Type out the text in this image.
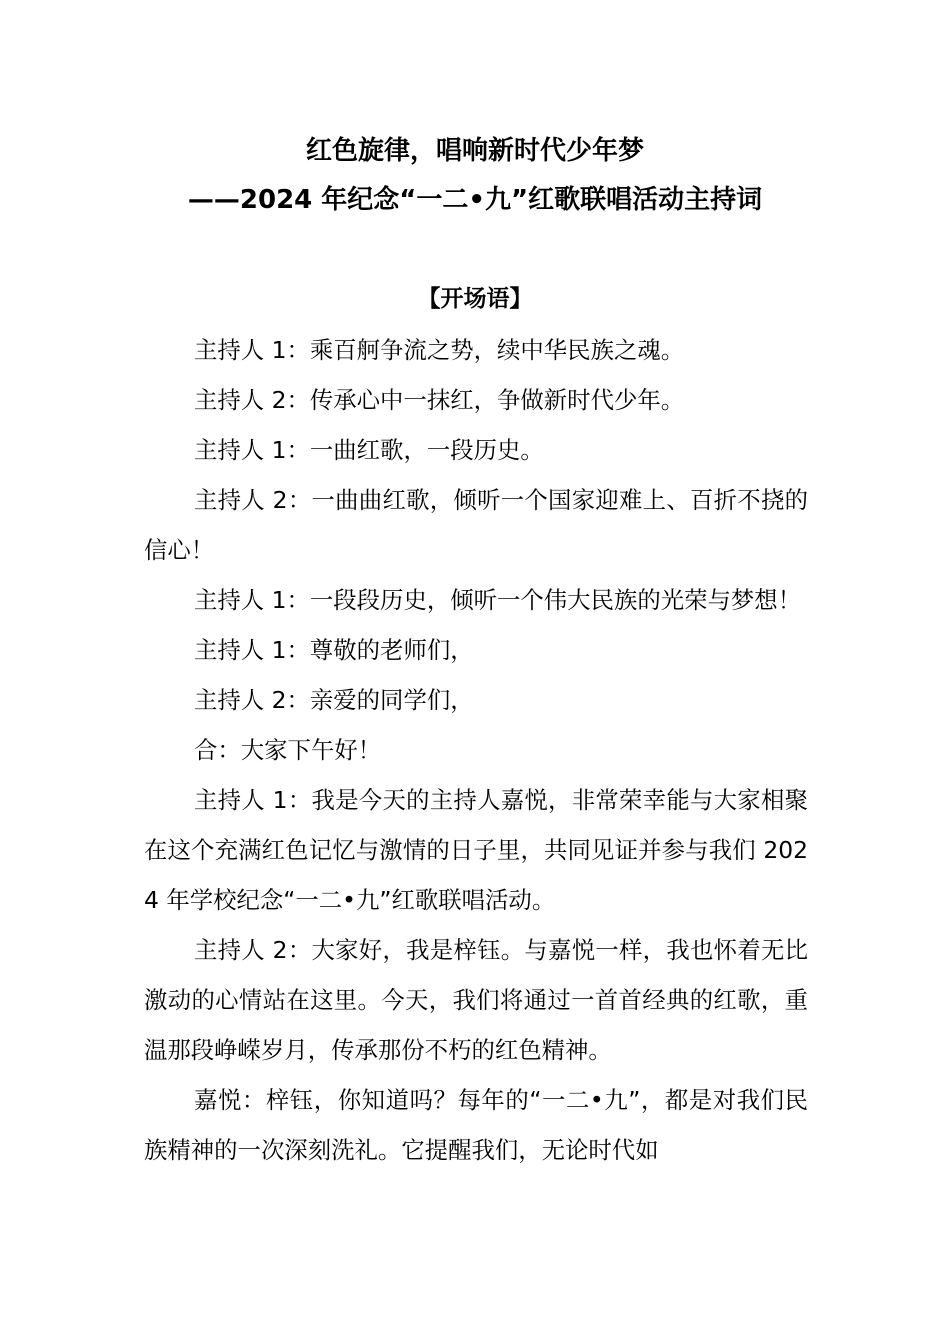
红色旋律，唱响新时代少年梦
——2024 年纪念“一二•九”红歌联唱活动主持词
【开场语】

主持人 1：乘百舸争流之势，续中华民族之魂。

主持人 2：传承心中一抹红，争做新时代少年。

主持人 1：一曲红歌，一段历史。

主持人 2：一曲曲红歌，倾听一个国家迎难上、百折不挠的信心！

主持人 1：一段段历史，倾听一个伟大民族的光荣与梦想！

主持人 1：尊敬的老师们，

主持人 2：亲爱的同学们，

合：大家下午好！

主持人 1：我是今天的主持人嘉悦，非常荣幸能与大家相聚在这个充满红色记忆与激情的日子里，共同见证并参与我们 2024 年学校纪念“一二•九”红歌联唱活动。

主持人 2：大家好，我是梓钰。与嘉悦一样，我也怀着无比激动的心情站在这里。今天，我们将通过一首首经典的红歌，重温那段峥嵘岁月，传承那份不朽的红色精神。

嘉悦：梓钰，你知道吗？每年的“一二•九”，都是对我们民族精神的一次深刻洗礼。它提醒我们，无论时代如
